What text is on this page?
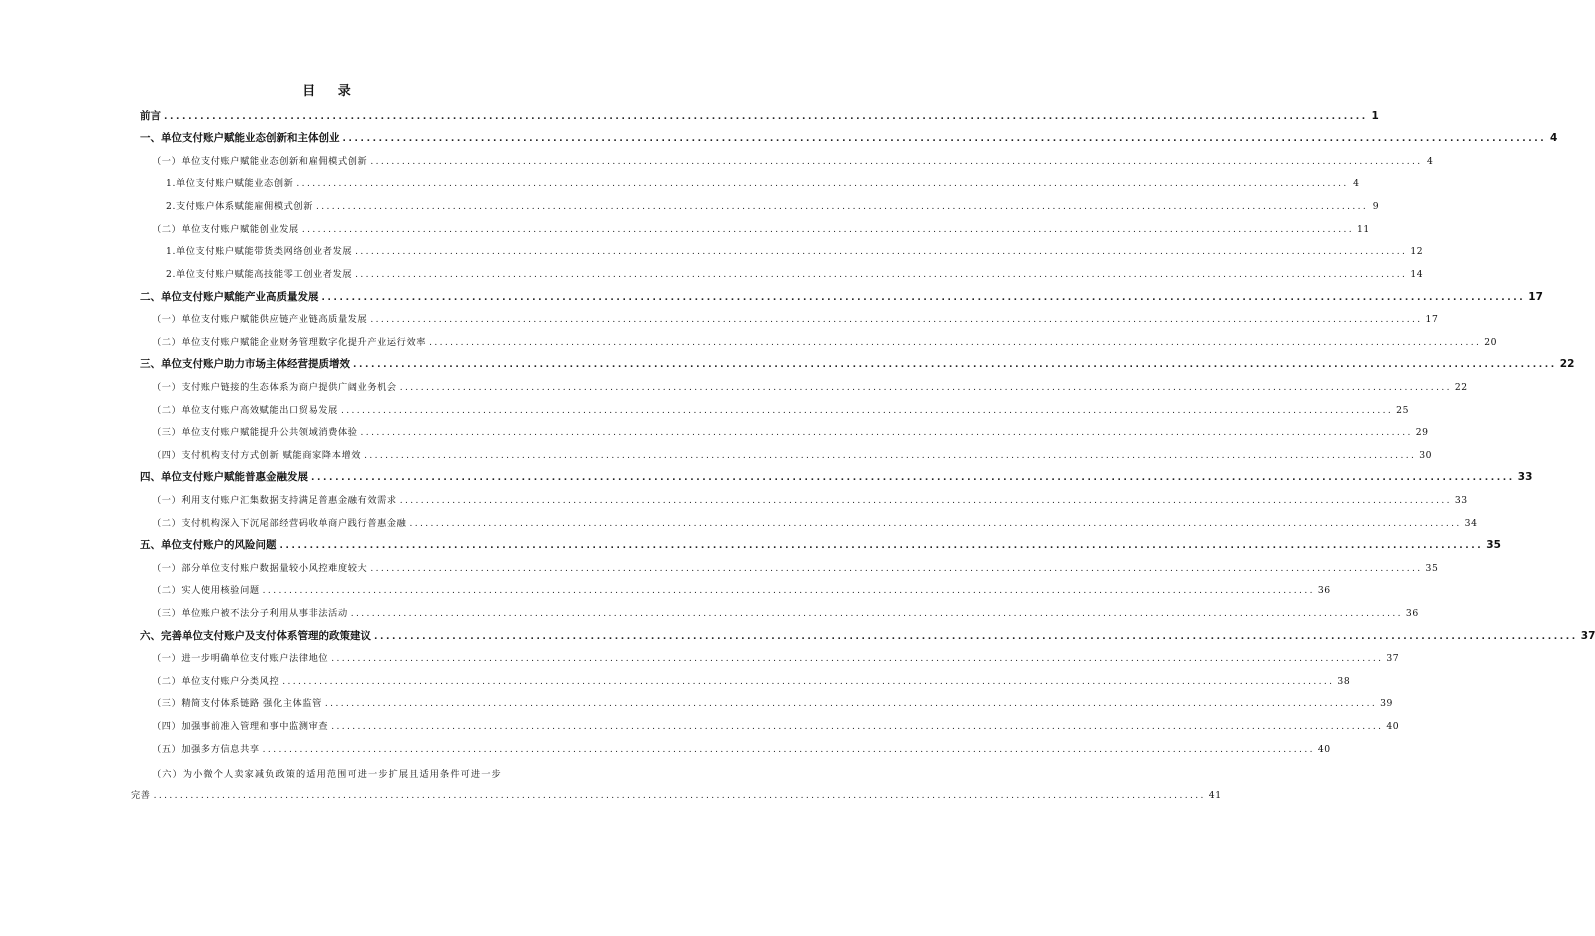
目 录
前言 ........................................................................................................................................................................................................ 1
一、单位支付账户赋能业态创新和主体创业 ........................................................................................................................................................................................................ 4
（一）单位支付账户赋能业态创新和雇佣模式创新 ........................................................................................................................................................................................................ 4
1.单位支付账户赋能业态创新 ........................................................................................................................................................................................................ 4
2.支付账户体系赋能雇佣模式创新 ........................................................................................................................................................................................................ 9
（二）单位支付账户赋能创业发展 ........................................................................................................................................................................................................ 11
1.单位支付账户赋能带货类网络创业者发展 ........................................................................................................................................................................................................ 12
2.单位支付账户赋能高技能零工创业者发展 ........................................................................................................................................................................................................ 14
二、单位支付账户赋能产业高质量发展 ........................................................................................................................................................................................................ 17
（一）单位支付账户赋能供应链产业链高质量发展 ........................................................................................................................................................................................................ 17
（二）单位支付账户赋能企业财务管理数字化提升产业运行效率 ........................................................................................................................................................................................................ 20
三、单位支付账户助力市场主体经营提质增效 ........................................................................................................................................................................................................ 22
（一）支付账户链接的生态体系为商户提供广阔业务机会 ........................................................................................................................................................................................................ 22
（二）单位支付账户高效赋能出口贸易发展 ........................................................................................................................................................................................................ 25
（三）单位支付账户赋能提升公共领域消费体验 ........................................................................................................................................................................................................ 29
（四）支付机构支付方式创新 赋能商家降本增效 ........................................................................................................................................................................................................ 30
四、单位支付账户赋能普惠金融发展 ........................................................................................................................................................................................................ 33
（一）利用支付账户汇集数据支持满足普惠金融有效需求 ........................................................................................................................................................................................................ 33
（二）支付机构深入下沉尾部经营码收单商户践行普惠金融 ........................................................................................................................................................................................................ 34
五、单位支付账户的风险问题 ........................................................................................................................................................................................................ 35
（一）部分单位支付账户数据量较小风控难度较大 ........................................................................................................................................................................................................ 35
（二）实人使用核验问题 ........................................................................................................................................................................................................ 36
（三）单位账户被不法分子利用从事非法活动 ........................................................................................................................................................................................................ 36
六、完善单位支付账户及支付体系管理的政策建议 ........................................................................................................................................................................................................ 37
（一）进一步明确单位支付账户法律地位 ........................................................................................................................................................................................................ 37
（二）单位支付账户分类风控 ........................................................................................................................................................................................................ 38
（三）精简支付体系链路 强化主体监管 ........................................................................................................................................................................................................ 39
（四）加强事前准入管理和事中监测审查 ........................................................................................................................................................................................................ 40
（五）加强多方信息共享 ........................................................................................................................................................................................................ 40
（六）为小微个人卖家减负政策的适用范围可进一步扩展且适用条件可进一步
完善 ........................................................................................................................................................................................................ 41
